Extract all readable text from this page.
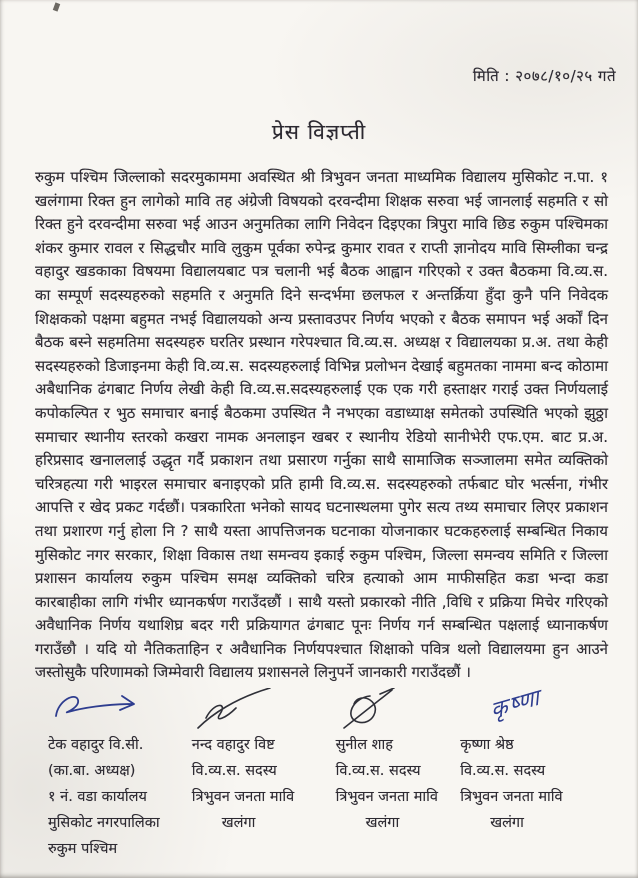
मिति : २०७८/१०/२५ गते
प्रेस विज्ञप्ती

रुकुम पश्चिम जिल्लाको सदरमुकाममा अवस्थित श्री त्रिभुवन जनता माध्यमिक विद्यालय मुसिकोट न.पा. १ खलंगामा रिक्त हुन लागेको मावि तह अंग्रेजी विषयको दरवन्दीमा शिक्षक सरुवा भई जानलाई सहमति र सो रिक्त हुने दरवन्दीमा सरुवा भई आउन अनुमतिका लागि निवेदन दिइएका त्रिपुरा मावि छिड रुकुम पश्चिमका शंकर कुमार रावल र सिद्धचौर मावि लुकुम पूर्वका रुपेन्द्र कुमार रावत र राप्ती ज्ञानोदय मावि सिम्लीका चन्द्र वहादुर खडकाका विषयमा विद्यालयबाट पत्र चलानी भई बैठक आह्वान गरिएको र उक्त बैठकमा वि.व्य.स. का सम्पूर्ण सदस्यहरुको सहमति र अनुमति दिने सन्दर्भमा छलफल र अन्तर्क्रिया हुँदा कुनै पनि निवेदक शिक्षकको पक्षमा बहुमत नभई विद्यालयको अन्य प्रस्तावउपर निर्णय भएको र बैठक समापन भई अर्कों दिन बैठक बस्ने सहमतिमा सदस्यहरु घरतिर प्रस्थान गरेपश्चात वि.व्य.स. अध्यक्ष र विद्यालयका प्र.अ. तथा केही सदस्यहरुको डिजाइनमा केही वि.व्य.स. सदस्यहरुलाई विभिन्न प्रलोभन देखाई बहुमतका नाममा बन्द कोठामा अबैधानिक ढंगबाट निर्णय लेखी केही वि.व्य.स.सदस्यहरुलाई एक एक गरी हस्ताक्षर गराई उक्त निर्णयलाई कपोकल्पित र भुठ समाचार बनाई बैठकमा उपस्थित नै नभएका वडाध्याक्ष समेतको उपस्थिति भएको झुठ्ठा समाचार स्थानीय स्तरको कखरा नामक अनलाइन खबर र स्थानीय रेडियो सानीभेरी एफ.एम. बाट प्र.अ. हरिप्रसाद खनाललाई उद्धृत गर्दै प्रकाशन तथा प्रसारण गर्नुका साथै सामाजिक सञ्जालमा समेत व्यक्तिको चरित्रहत्या गरी भाइरल समाचार बनाइएको प्रति हामी वि.व्य.स. सदस्यहरुको तर्फबाट घोर भर्त्सना, गंभीर आपत्ति र खेद प्रकट गर्दछौं। पत्रकारिता भनेको सायद घटनास्थलमा पुगेर सत्य तथ्य समाचार लिएर प्रकाशन तथा प्रशारण गर्नु होला नि ? साथै यस्ता आपत्तिजनक घटनाका योजनाकार घटकहरुलाई सम्बन्धित निकाय मुसिकोट नगर सरकार, शिक्षा विकास तथा समन्वय इकाई रुकुम पश्चिम, जिल्ला समन्वय समिति र जिल्ला प्रशासन कार्यालय रुकुम पश्चिम समक्ष व्यक्तिको चरित्र हत्याको आम माफीसहित कडा भन्दा कडा कारबाहीका लागि गंभीर ध्यानकर्षण गराउँदछौं । साथै यस्तो प्रकारको नीति ,विधि र प्रक्रिया मिचेर गरिएको अवैधानिक निर्णय यथाशिघ्र बदर गरी प्रक्रियागत ढंगबाट पूनः निर्णय गर्न सम्बन्धित पक्षलाई ध्यानाकर्षण गराउँछौ । यदि यो नैतिकताहिन र अवैधानिक निर्णयपश्चात शिक्षाको पवित्र थलो विद्यालयमा हुन आउने जस्तोसुकै परिणामको जिम्मेवारी विद्यालय प्रशासनले लिनुपर्ने जानकारी गराउँदछौं ।

टेक वहादुर वि.सी.
(का.बा. अध्यक्ष)
१ नं. वडा कार्यालय
मुसिकोट नगरपालिका
रुकुम पश्चिम
नन्द वहादुर विष्ट
वि.व्य.स. सदस्य
त्रिभुवन जनता मावि
खलंगा
सुनील शाह
वि.व्य.स. सदस्य
त्रिभुवन जनता मावि
खलंगा
कृष्णा
कृष्णा श्रेष्ठ
वि.व्य.स. सदस्य
त्रिभुवन जनता मावि
खलंगा
